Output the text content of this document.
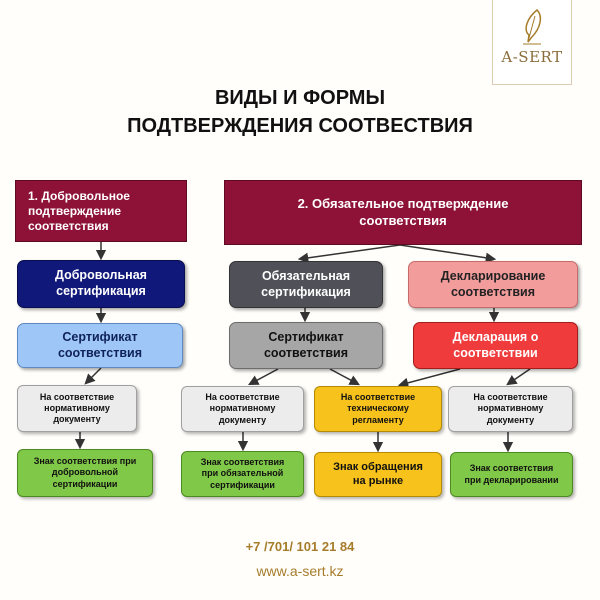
A-SERT
ВИДЫ И ФОРМЫ
ПОДТВЕРЖДЕНИЯ СООТВЕСТВИЯ
1. Добровольное
подтверждение
соответствия
2. Обязательное подтверждение
соответствия
Добровольная
сертификация
Обязательная
сертификация
Декларирование
соответствия
Сертификат
соответствия
Сертификат
соответствия
Декларация о
соответствии
На соответствие
нормативному
документу
На соответствие
нормативному
документу
На соответствие
техническому
регламенту
На соответствие
нормативному
документу
Знак соответствия при
добровольной
сертификации
Знак соответствия
при обязательной
сертификации
Знак обращения
на рынке
Знак соответствия
при декларировании
+7 /701/ 101 21 84
www.a-sert.kz
